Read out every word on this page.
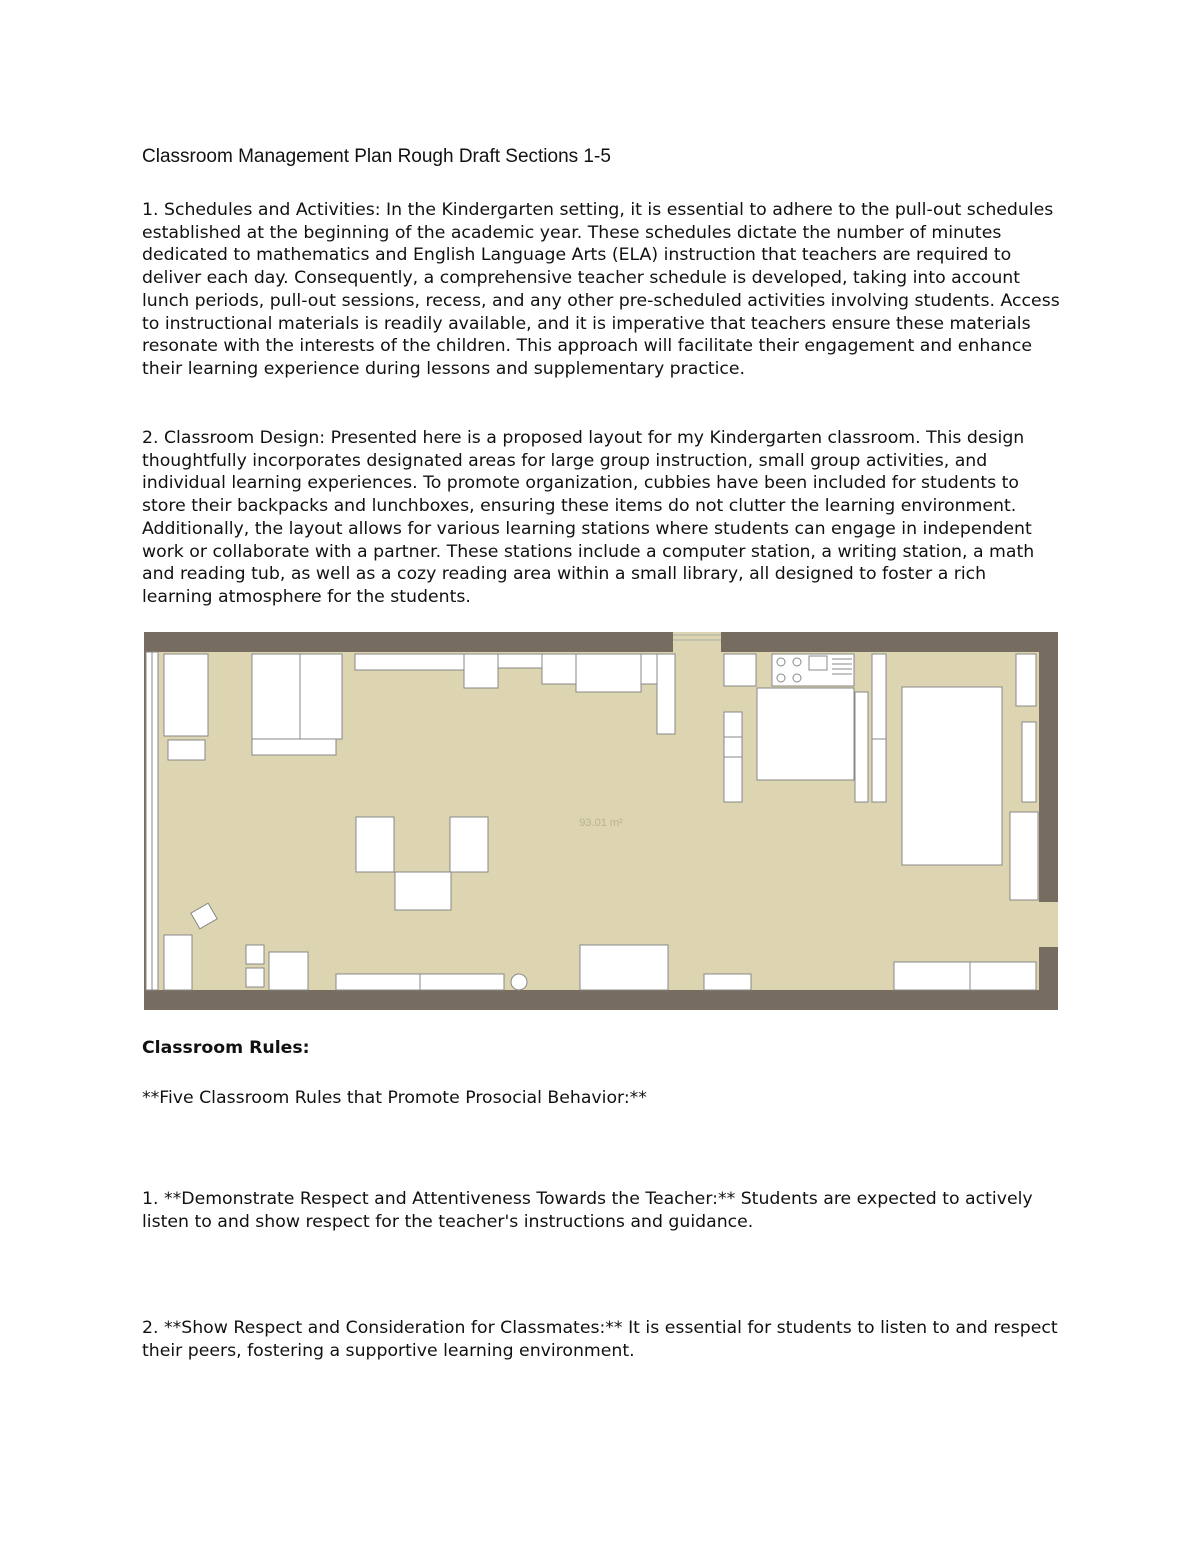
Classroom Management Plan Rough Draft Sections 1-5

1. Schedules and Activities: In the Kindergarten setting, it is essential to adhere to the pull-out schedules established at the beginning of the academic year. These schedules dictate the number of minutes dedicated to mathematics and English Language Arts (ELA) instruction that teachers are required to deliver each day. Consequently, a comprehensive teacher schedule is developed, taking into account lunch periods, pull-out sessions, recess, and any other pre-scheduled activities involving students. Access to instructional materials is readily available, and it is imperative that teachers ensure these materials resonate with the interests of the children. This approach will facilitate their engagement and enhance their learning experience during lessons and supplementary practice.

2. Classroom Design: Presented here is a proposed layout for my Kindergarten classroom. This design thoughtfully incorporates designated areas for large group instruction, small group activities, and individual learning experiences. To promote organization, cubbies have been included for students to store their backpacks and lunchboxes, ensuring these items do not clutter the learning environment. Additionally, the layout allows for various learning stations where students can engage in independent work or collaborate with a partner. These stations include a computer station, a writing station, a math and reading tub, as well as a cozy reading area within a small library, all designed to foster a rich learning atmosphere for the students.

93.01 m²

Classroom Rules:

**Five Classroom Rules that Promote Prosocial Behavior:**

1. **Demonstrate Respect and Attentiveness Towards the Teacher:** Students are expected to actively listen to and show respect for the teacher's instructions and guidance.

2. **Show Respect and Consideration for Classmates:** It is essential for students to listen to and respect their peers, fostering a supportive learning environment.
